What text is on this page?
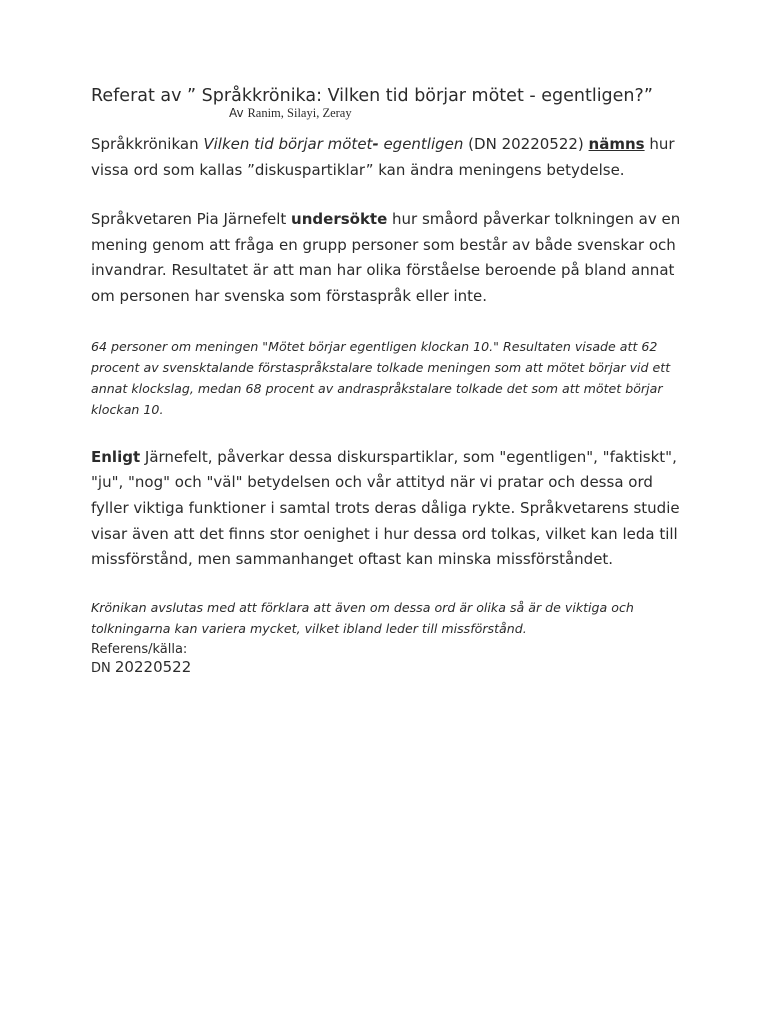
Referat av ” Språkkrönika: Vilken tid börjar mötet - egentligen?”
Av Ranim, Silayi, Zeray

Språkkrönikan Vilken tid börjar mötet- egentligen (DN 20220522) nämns hur vissa ord som kallas ”diskuspartiklar” kan ändra meningens betydelse.

Språkvetaren Pia Järnefelt undersökte hur småord påverkar tolkningen av en mening genom att fråga en grupp personer som består av både svenskar och invandrar. Resultatet är att man har olika förståelse beroende på bland annat om personen har svenska som förstaspråk eller inte.

64 personer om meningen "Mötet börjar egentligen klockan 10." Resultaten visade att 62 procent av svensktalande förstaspråkstalare tolkade meningen som att mötet börjar vid ett annat klockslag, medan 68 procent av andraspråkstalare tolkade det som att mötet börjar klockan 10.

Enligt Järnefelt, påverkar dessa diskurspartiklar, som "egentligen", "faktiskt", "ju", "nog" och "väl" betydelsen och vår attityd när vi pratar och dessa ord fyller viktiga funktioner i samtal trots deras dåliga rykte. Språkvetarens studie visar även att det finns stor oenighet i hur dessa ord tolkas, vilket kan leda till missförstånd, men sammanhanget oftast kan minska missförståndet.

Krönikan avslutas med att förklara att även om dessa ord är olika så är de viktiga och tolkningarna kan variera mycket, vilket ibland leder till missförstånd.

Referens/källa:
DN 20220522
